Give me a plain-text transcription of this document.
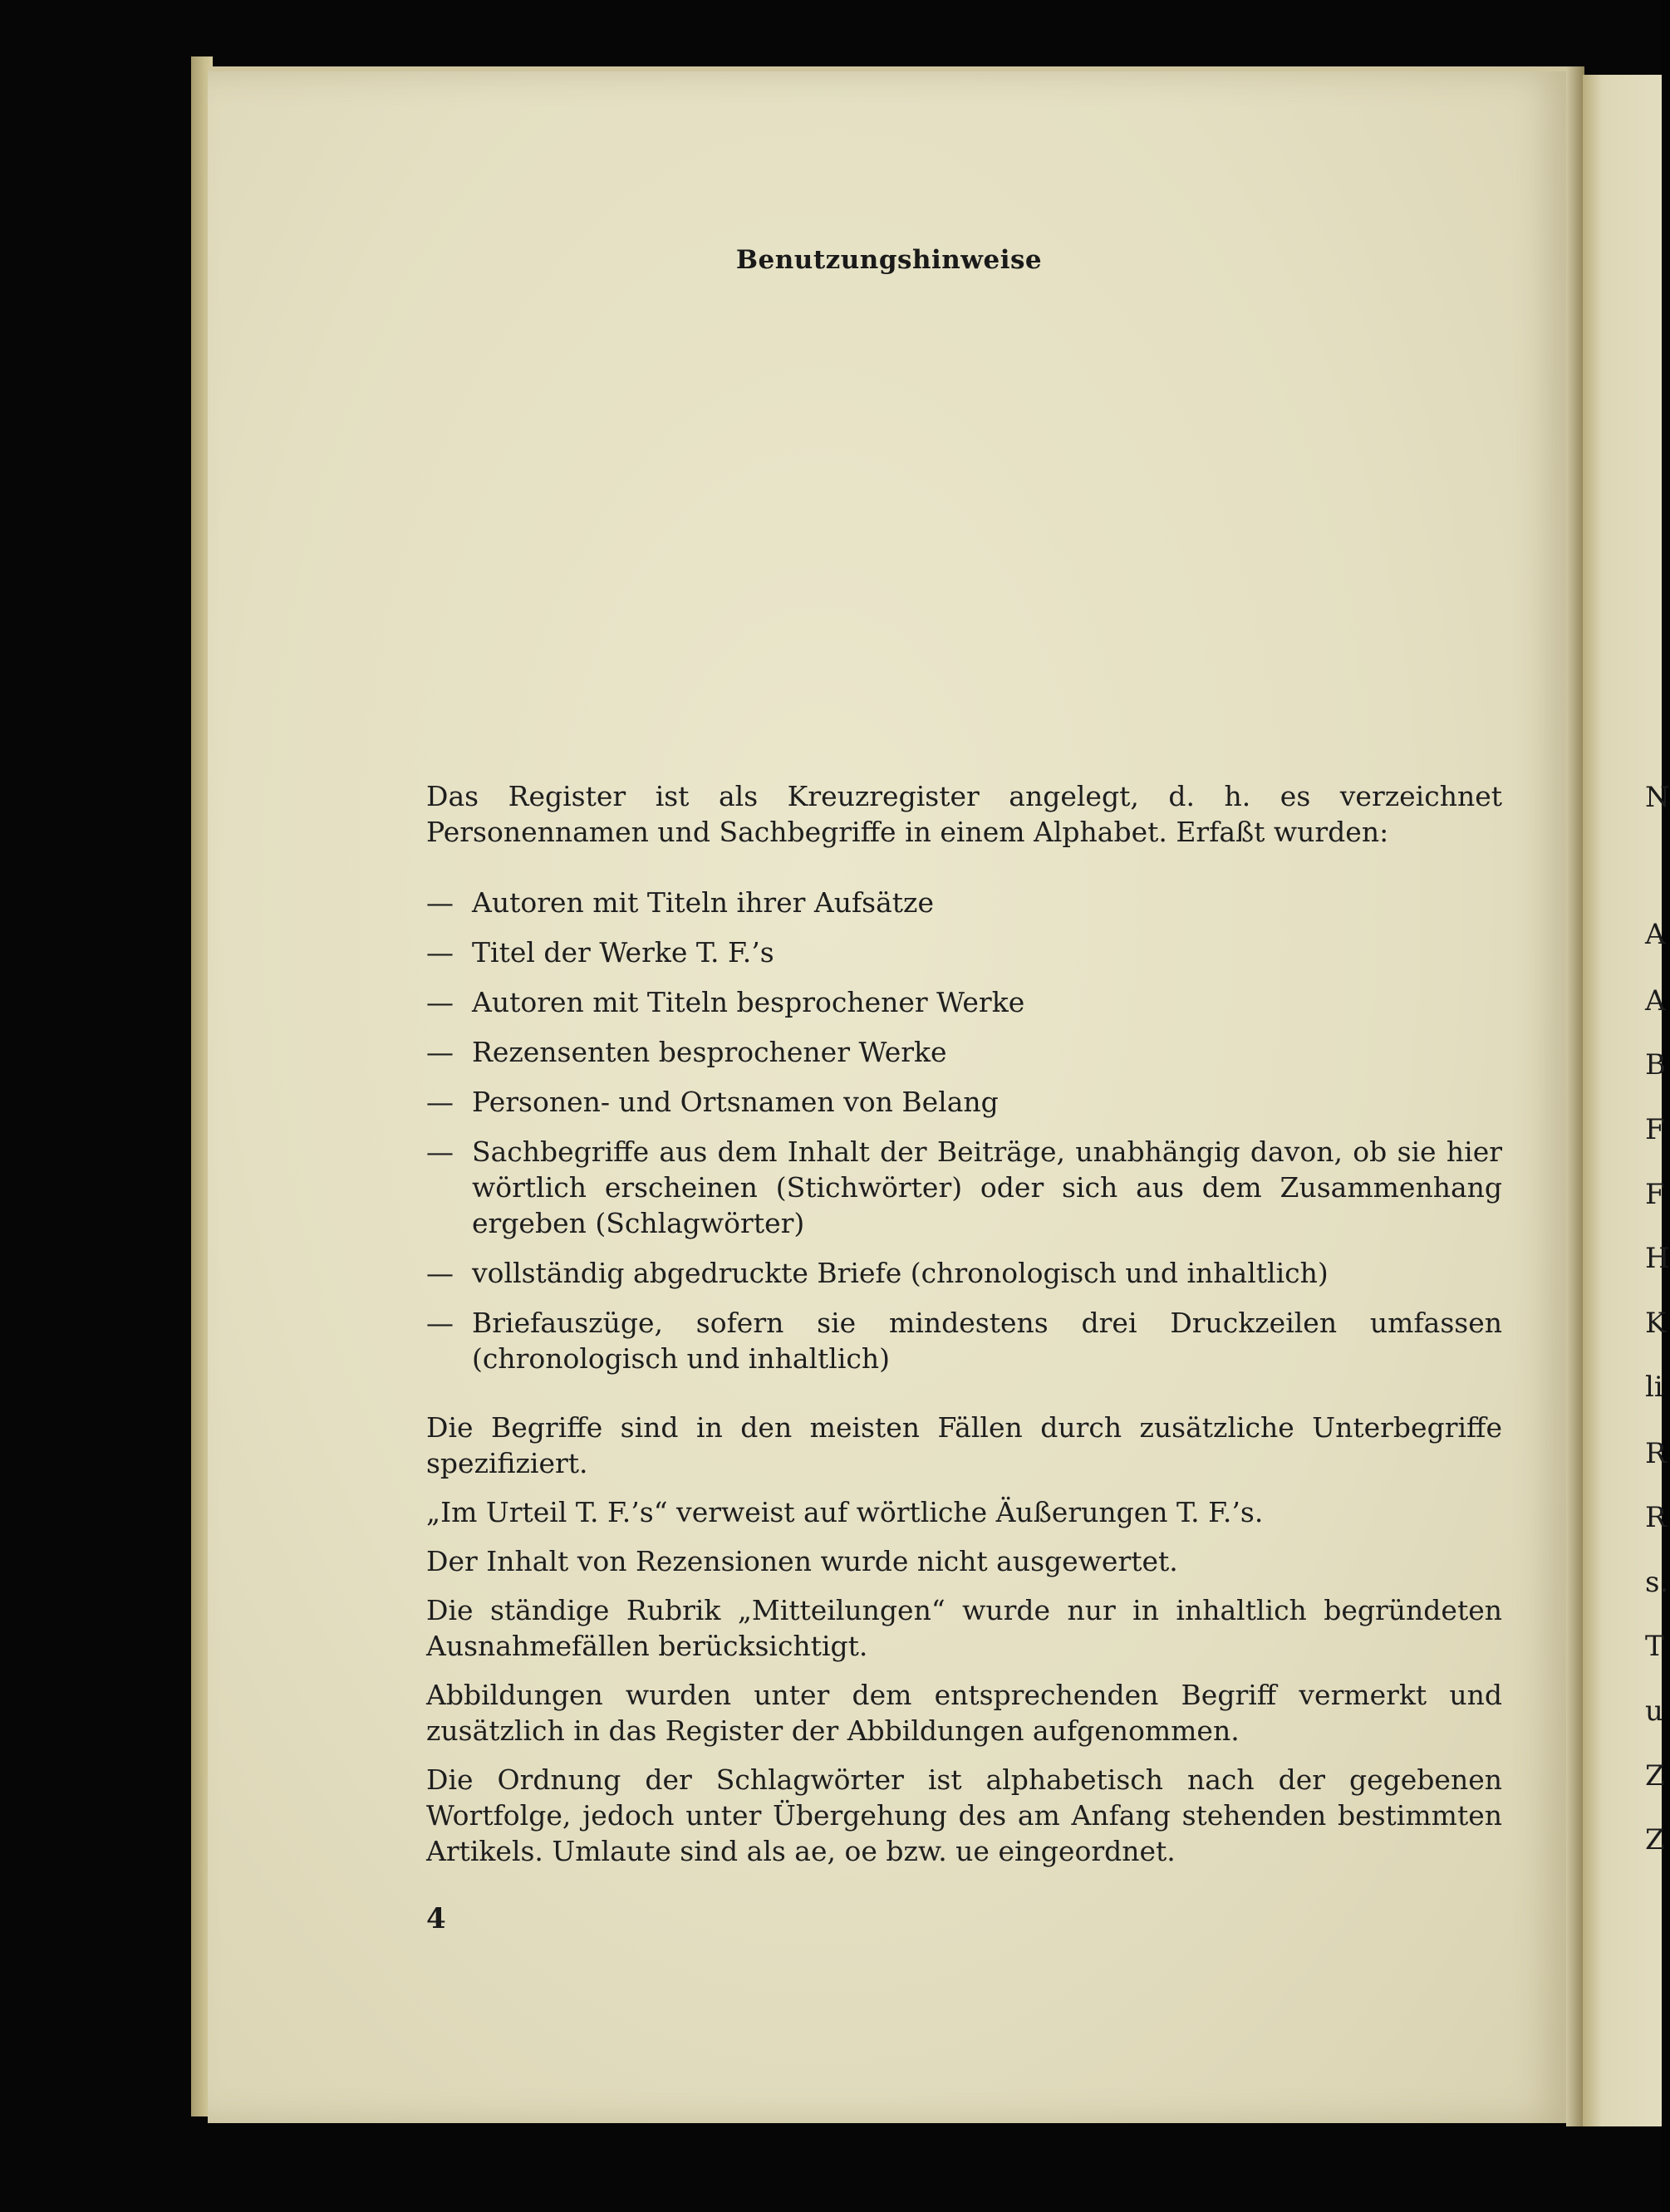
N
A
A
B
F
F
H
K
li
R
R
s.
T
u
Z
Z
Benutzungshinweise

Das Register ist als Kreuzregister angelegt, d. h. es verzeichnet Personennamen und Sachbegriffe in einem Alphabet. Erfaßt wurden:

— Autoren mit Titeln ihrer Aufsätze
— Titel der Werke T. F.’s
— Autoren mit Titeln besprochener Werke
— Rezensenten besprochener Werke
— Personen- und Ortsnamen von Belang
— Sachbegriffe aus dem Inhalt der Beiträge, unabhängig davon, ob sie hier wörtlich erscheinen (Stichwörter) oder sich aus dem Zusammenhang ergeben (Schlagwörter)
— vollständig abgedruckte Briefe (chronologisch und inhaltlich)
— Briefauszüge, sofern sie mindestens drei Druckzeilen umfassen (chronologisch und inhaltlich)

Die Begriffe sind in den meisten Fällen durch zusätzliche Unterbegriffe spezifiziert.

„Im Urteil T. F.’s“ verweist auf wörtliche Äußerungen T. F.’s.

Der Inhalt von Rezensionen wurde nicht ausgewertet.

Die ständige Rubrik „Mitteilungen“ wurde nur in inhaltlich begründeten Ausnahmefällen berücksichtigt.

Abbildungen wurden unter dem entsprechenden Begriff vermerkt und zusätzlich in das Register der Abbildungen aufgenommen.

Die Ordnung der Schlagwörter ist alphabetisch nach der gegebenen Wortfolge, jedoch unter Übergehung des am Anfang stehenden bestimmten Artikels. Umlaute sind als ae, oe bzw. ue eingeordnet.

4
